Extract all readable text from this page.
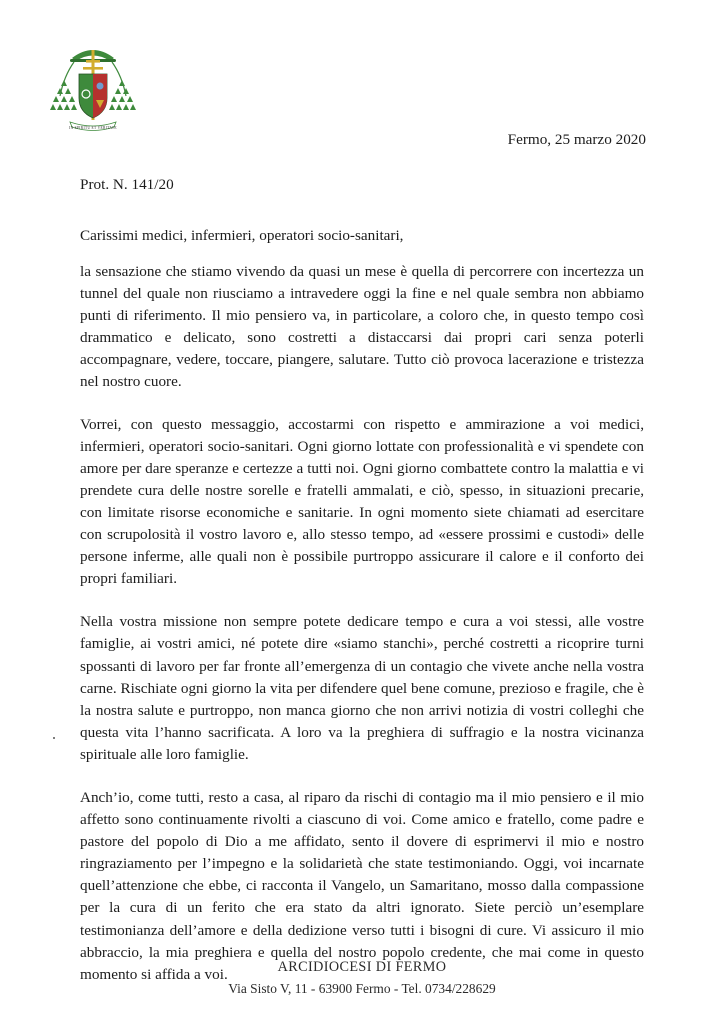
IN SPIRITU ET VERITATE
Fermo, 25 marzo 2020
Prot. N. 141/20
Carissimi medici, infermieri, operatori socio-sanitari,

la sensazione che stiamo vivendo da quasi un mese è quella di percorrere con incertezza un tunnel del quale non riusciamo a intravedere oggi la fine e nel quale sembra non abbiamo punti di riferimento. Il mio pensiero va, in particolare, a coloro che, in questo tempo così drammatico e delicato, sono costretti a distaccarsi dai propri cari senza poterli accompagnare, vedere, toccare, piangere, salutare. Tutto ciò provoca lacerazione e tristezza nel nostro cuore.

Vorrei, con questo messaggio, accostarmi con rispetto e ammirazione a voi medici, infermieri, operatori socio-sanitari. Ogni giorno lottate con professionalità e vi spendete con amore per dare speranze e certezze a tutti noi. Ogni giorno combattete contro la malattia e vi prendete cura delle nostre sorelle e fratelli ammalati, e ciò, spesso, in situazioni precarie, con limitate risorse economiche e sanitarie. In ogni momento siete chiamati ad esercitare con scrupolosità il vostro lavoro e, allo stesso tempo, ad «essere prossimi e custodi» delle persone inferme, alle quali non è possibile purtroppo assicurare il calore e il conforto dei propri familiari.

Nella vostra missione non sempre potete dedicare tempo e cura a voi stessi, alle vostre famiglie, ai vostri amici, né potete dire «siamo stanchi», perché costretti a ricoprire turni spossanti di lavoro per far fronte all’emergenza di un contagio che vivete anche nella vostra carne. Rischiate ogni giorno la vita per difendere quel bene comune, prezioso e fragile, che è la nostra salute e purtroppo, non manca giorno che non arrivi notizia di vostri colleghi che questa vita l’hanno sacrificata. A loro va la preghiera di suffragio e la nostra vicinanza spirituale alle loro famiglie.

Anch’io, come tutti, resto a casa, al riparo da rischi di contagio ma il mio pensiero e il mio affetto sono continuamente rivolti a ciascuno di voi. Come amico e fratello, come padre e pastore del popolo di Dio a me affidato, sento il dovere di esprimervi il mio e nostro ringraziamento per l’impegno e la solidarietà che state testimoniando. Oggi, voi incarnate quell’attenzione che ebbe, ci racconta il Vangelo, un Samaritano, mosso dalla compassione per la cura di un ferito che era stato da altri ignorato. Siete perciò un’esemplare testimonianza dell’amore e della dedizione verso tutti i bisogni di cure. Vi assicuro il mio abbraccio, la mia preghiera e quella del nostro popolo credente, che mai come in questo momento si affida a voi.	ARCIDIOCESI DI FERMO
Via Sisto V, 11 - 63900 Fermo - Tel. 0734/228629
